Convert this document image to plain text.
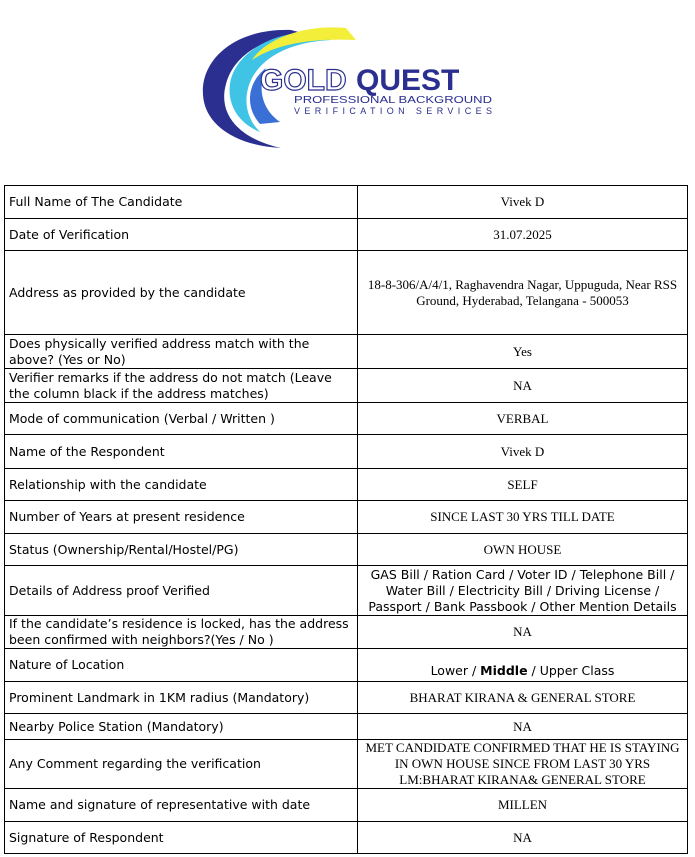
GOLD QUEST
PROFESSIONAL BACKGROUND
VERIFICATION SERVICES
Full Name of The Candidate	Vivek D
Date of Verification	31.07.2025
Address as provided by the candidate	18-8-306/A/4/1, Raghavendra Nagar, Uppuguda, Near RSS Ground, Hyderabad, Telangana - 500053
Does physically verified address match with the above? (Yes or No)	Yes
Verifier remarks if the address do not match (Leave the column black if the address matches)	NA
Mode of communication (Verbal / Written )	VERBAL
Name of the Respondent	Vivek D
Relationship with the candidate	SELF
Number of Years at present residence	SINCE LAST 30 YRS TILL DATE
Status (Ownership/Rental/Hostel/PG)	OWN HOUSE
Details of Address proof Verified	GAS Bill / Ration Card / Voter ID / Telephone Bill / Water Bill / Electricity Bill / Driving License / Passport / Bank Passbook / Other Mention Details
If the candidate’s residence is locked, has the address been confirmed with neighbors?(Yes / No )	NA
Nature of Location	Lower / Middle / Upper Class
Prominent Landmark in 1KM radius (Mandatory)	BHARAT KIRANA & GENERAL STORE
Nearby Police Station (Mandatory)	NA
Any Comment regarding the verification	MET CANDIDATE CONFIRMED THAT HE IS STAYING IN OWN HOUSE SINCE FROM LAST 30 YRS LM:BHARAT KIRANA& GENERAL STORE
Name and signature of representative with date	MILLEN
Signature of Respondent	NA
